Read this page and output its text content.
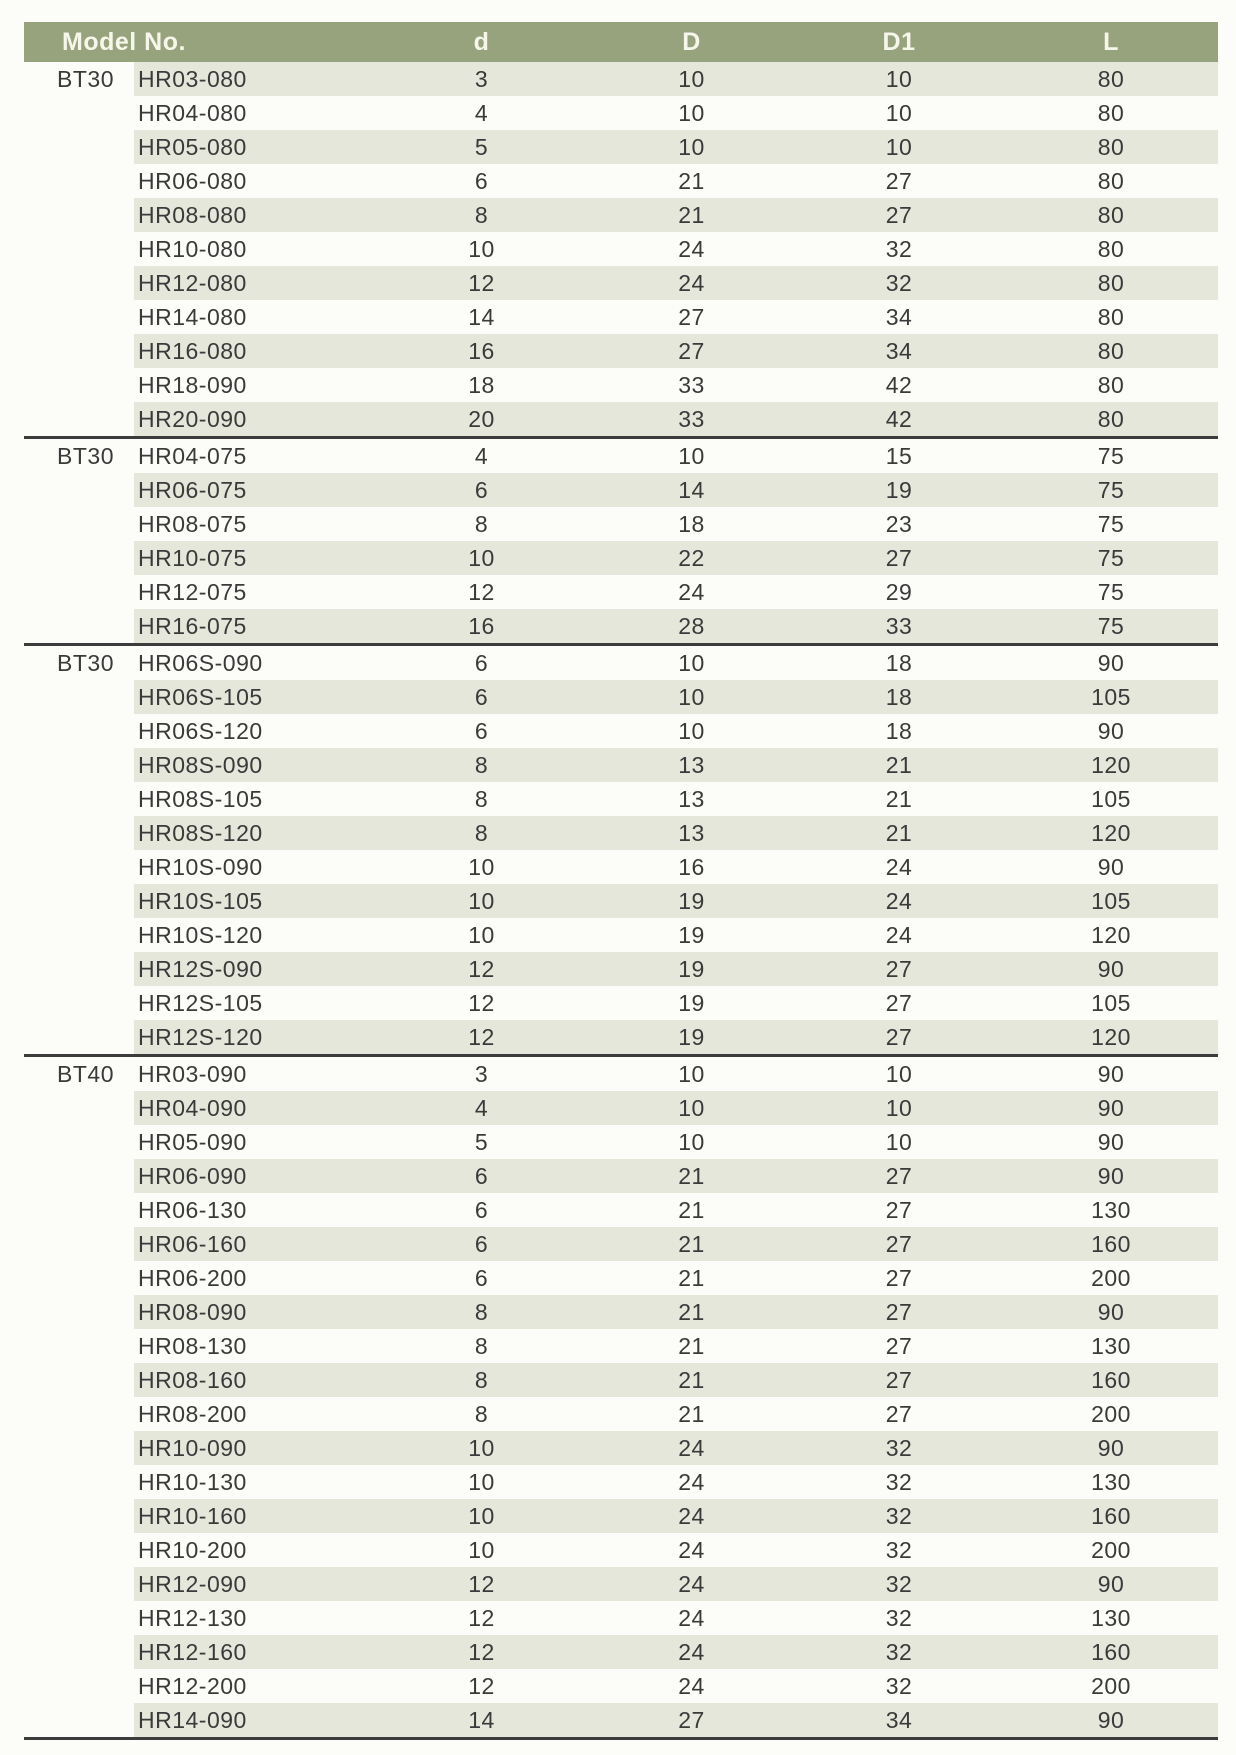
Model No.		d	D	D1	L
BT30	HR03-080	3	10	10	80
	HR04-080	4	10	10	80
	HR05-080	5	10	10	80
	HR06-080	6	21	27	80
	HR08-080	8	21	27	80
	HR10-080	10	24	32	80
	HR12-080	12	24	32	80
	HR14-080	14	27	34	80
	HR16-080	16	27	34	80
	HR18-090	18	33	42	80
	HR20-090	20	33	42	80
BT30	HR04-075	4	10	15	75
	HR06-075	6	14	19	75
	HR08-075	8	18	23	75
	HR10-075	10	22	27	75
	HR12-075	12	24	29	75
	HR16-075	16	28	33	75
BT30	HR06S-090	6	10	18	90
	HR06S-105	6	10	18	105
	HR06S-120	6	10	18	90
	HR08S-090	8	13	21	120
	HR08S-105	8	13	21	105
	HR08S-120	8	13	21	120
	HR10S-090	10	16	24	90
	HR10S-105	10	19	24	105
	HR10S-120	10	19	24	120
	HR12S-090	12	19	27	90
	HR12S-105	12	19	27	105
	HR12S-120	12	19	27	120
BT40	HR03-090	3	10	10	90
	HR04-090	4	10	10	90
	HR05-090	5	10	10	90
	HR06-090	6	21	27	90
	HR06-130	6	21	27	130
	HR06-160	6	21	27	160
	HR06-200	6	21	27	200
	HR08-090	8	21	27	90
	HR08-130	8	21	27	130
	HR08-160	8	21	27	160
	HR08-200	8	21	27	200
	HR10-090	10	24	32	90
	HR10-130	10	24	32	130
	HR10-160	10	24	32	160
	HR10-200	10	24	32	200
	HR12-090	12	24	32	90
	HR12-130	12	24	32	130
	HR12-160	12	24	32	160
	HR12-200	12	24	32	200
	HR14-090	14	27	34	90
